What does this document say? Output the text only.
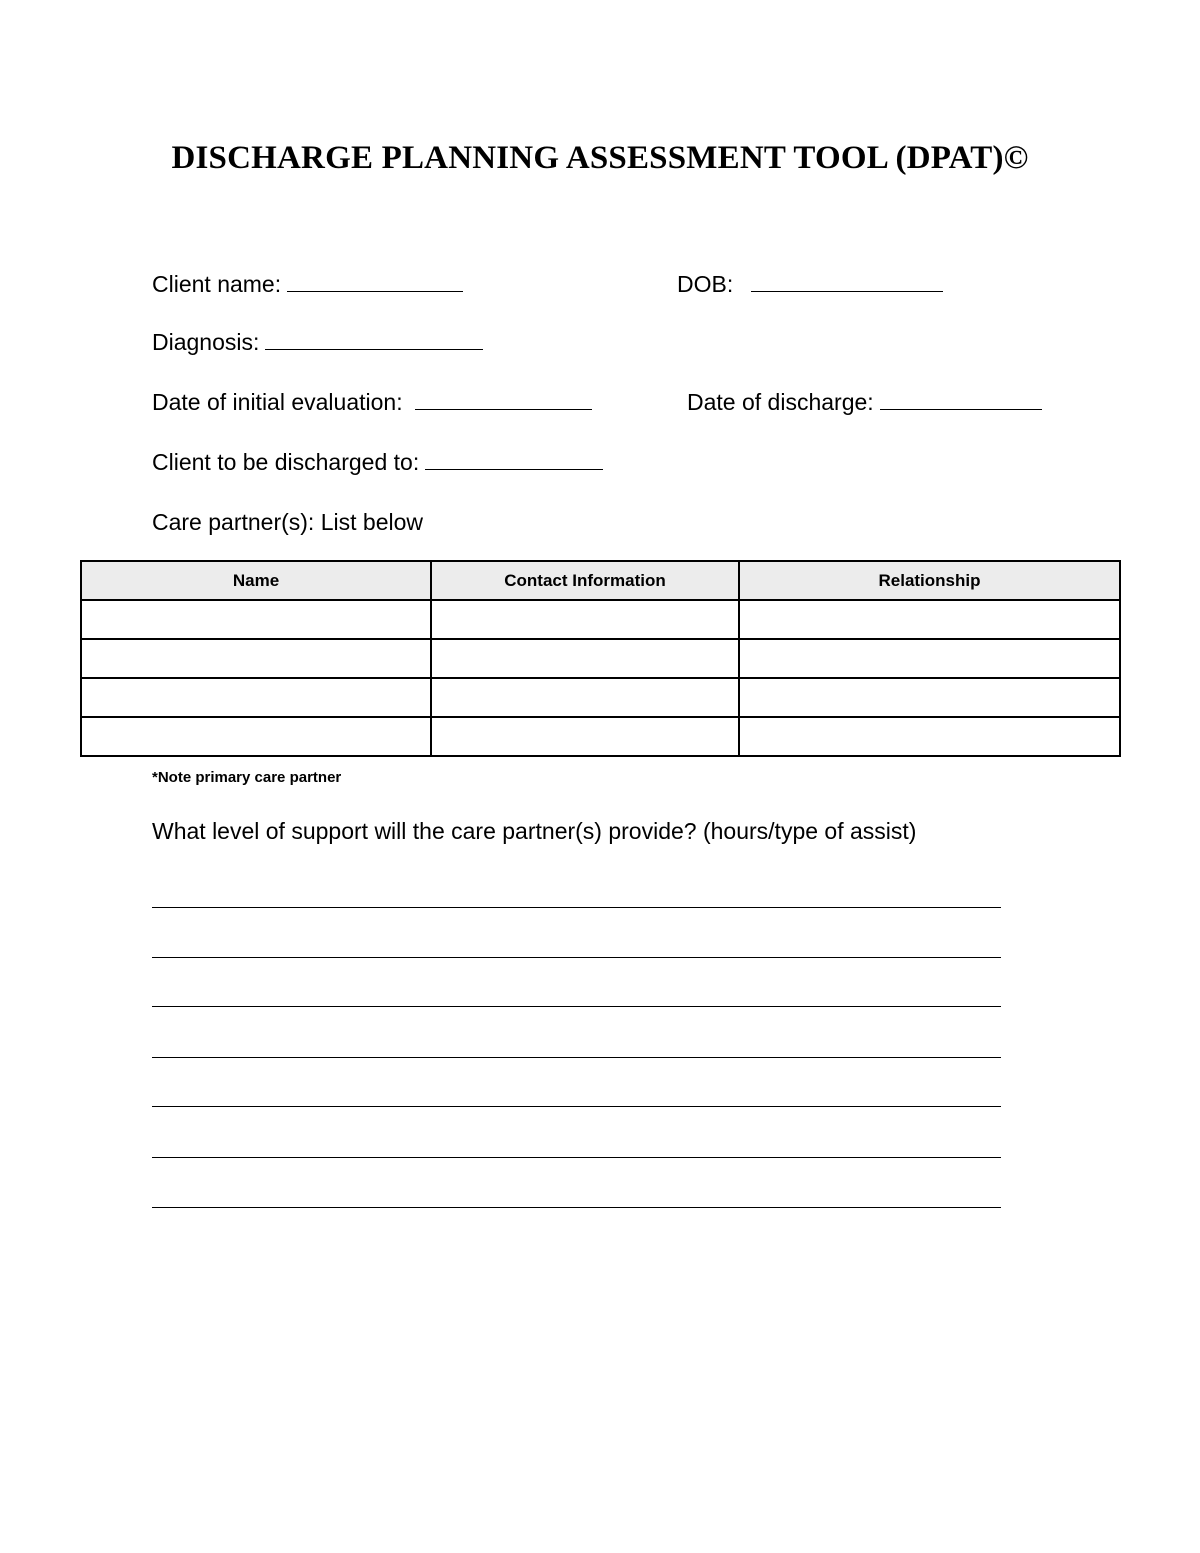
DISCHARGE PLANNING ASSESSMENT TOOL (DPAT)©
Client name:	DOB:
Diagnosis:
Date of initial evaluation:	Date of discharge:
Client to be discharged to:
Care partner(s): List below
Name	Contact Information	Relationship

*Note primary care partner
What level of support will the care partner(s) provide? (hours/type of assist)
